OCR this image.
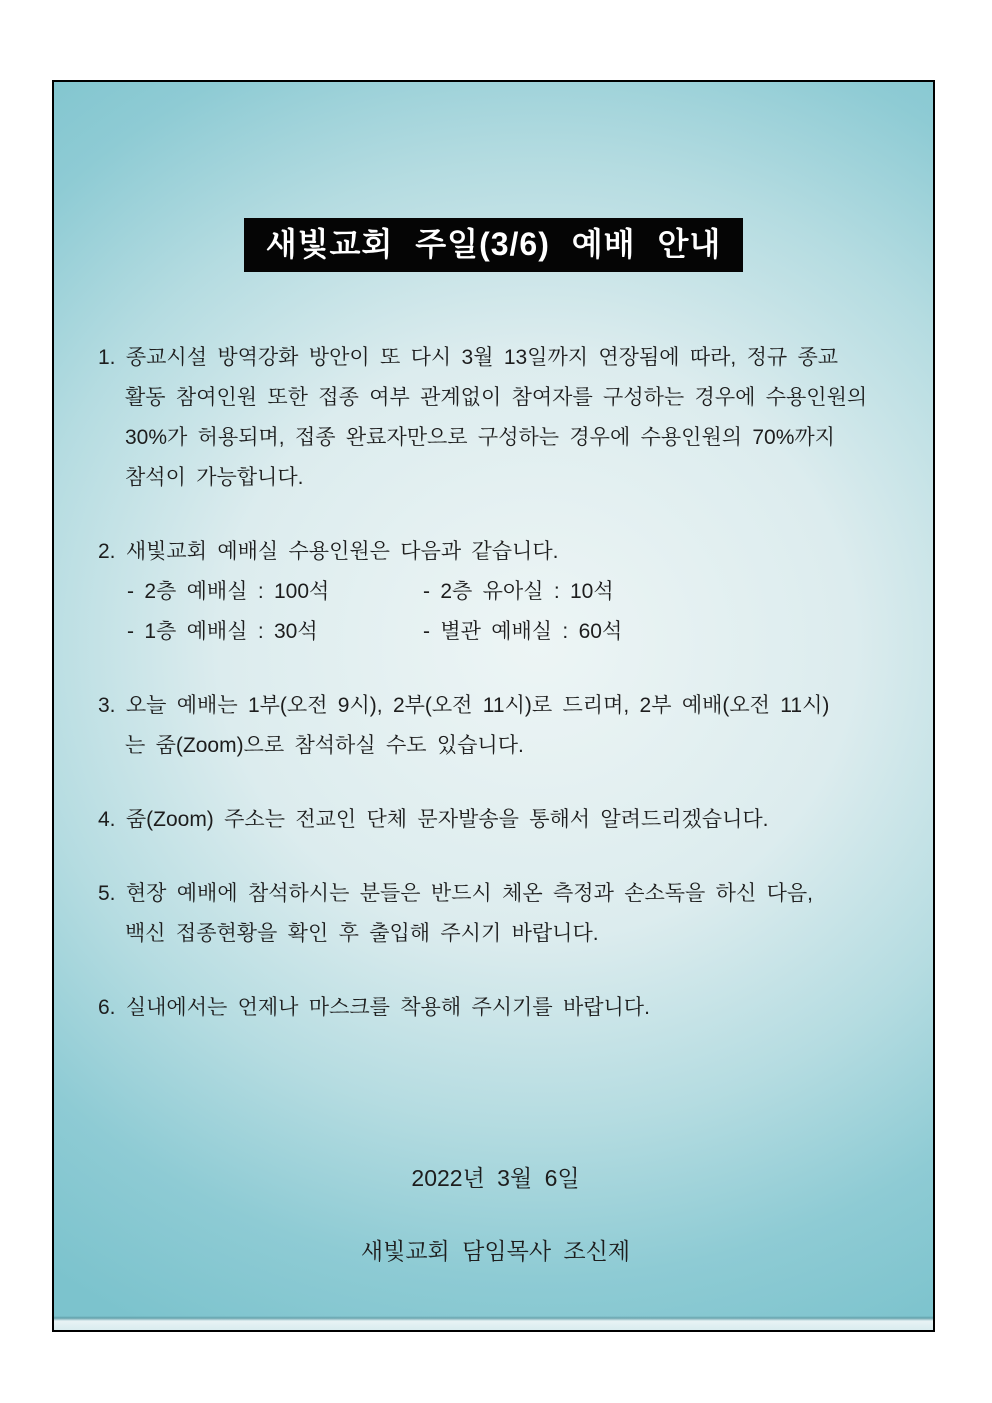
새빛교회 주일(3/6) 예배 안내
1. 종교시설 방역강화 방안이 또 다시 3월 13일까지 연장됨에 따라, 정규 종교
활동 참여인원 또한 접종 여부 관계없이 참여자를 구성하는 경우에 수용인원의
30%가 허용되며, 접종 완료자만으로 구성하는 경우에 수용인원의 70%까지
참석이 가능합니다.
2. 새빛교회 예배실 수용인원은 다음과 같습니다.
- 2층 예배실 : 100석	- 2층 유아실 : 10석
- 1층 예배실 : 30석	- 별관 예배실 : 60석
3. 오늘 예배는 1부(오전 9시), 2부(오전 11시)로 드리며, 2부 예배(오전 11시)
는 줌(Zoom)으로 참석하실 수도 있습니다.
4. 줌(Zoom) 주소는 전교인 단체 문자발송을 통해서 알려드리겠습니다.
5. 현장 예배에 참석하시는 분들은 반드시 체온 측정과 손소독을 하신 다음,
백신 접종현황을 확인 후 출입해 주시기 바랍니다.
6. 실내에서는 언제나 마스크를 착용해 주시기를 바랍니다.
2022년 3월 6일
새빛교회 담임목사 조신제
